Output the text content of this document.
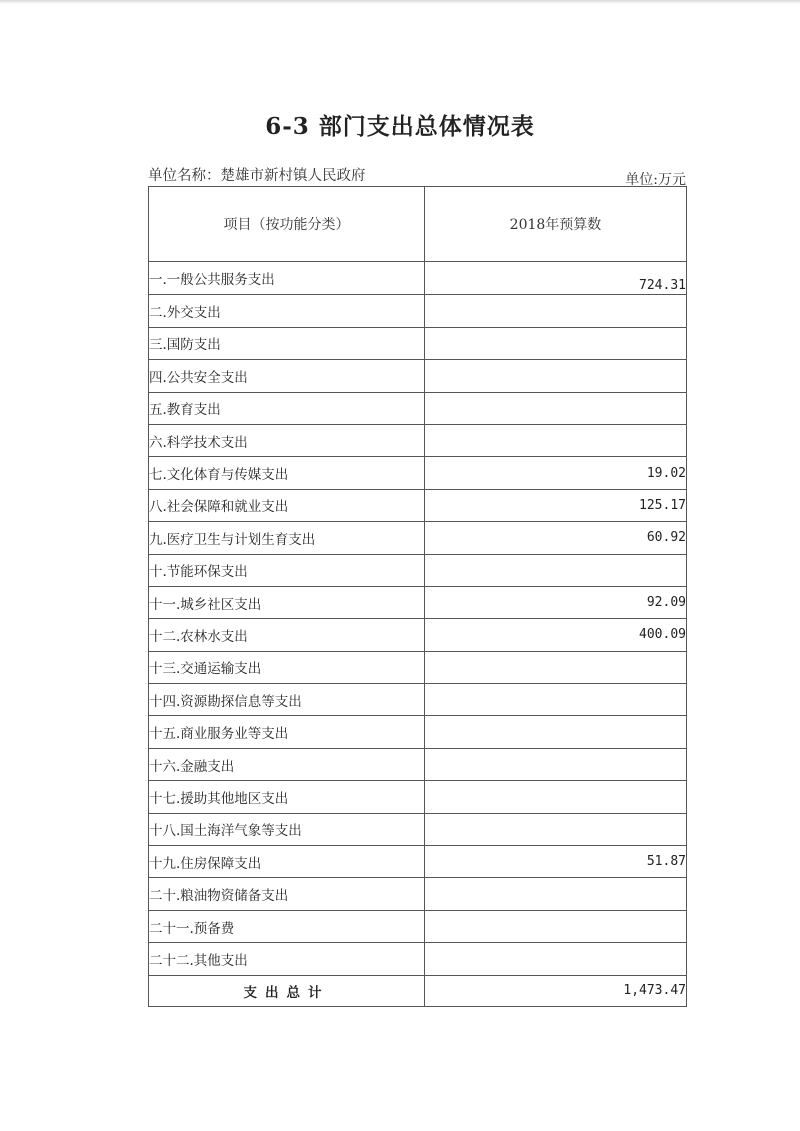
6-3 部门支出总体情况表
单位名称：楚雄市新村镇人民政府	单位:万元
项目（按功能分类）	2018年预算数
一.一般公共服务支出	724.31
二.外交支出	
三.国防支出	
四.公共安全支出	
五.教育支出	
六.科学技术支出	
七.文化体育与传媒支出	19.02
八.社会保障和就业支出	125.17
九.医疗卫生与计划生育支出	60.92
十.节能环保支出	
十一.城乡社区支出	92.09
十二.农林水支出	400.09
十三.交通运输支出	
十四.资源勘探信息等支出	
十五.商业服务业等支出	
十六.金融支出	
十七.援助其他地区支出	
十八.国土海洋气象等支出	
十九.住房保障支出	51.87
二十.粮油物资储备支出	
二十一.预备费	
二十二.其他支出	
支出总计	1,473.47
